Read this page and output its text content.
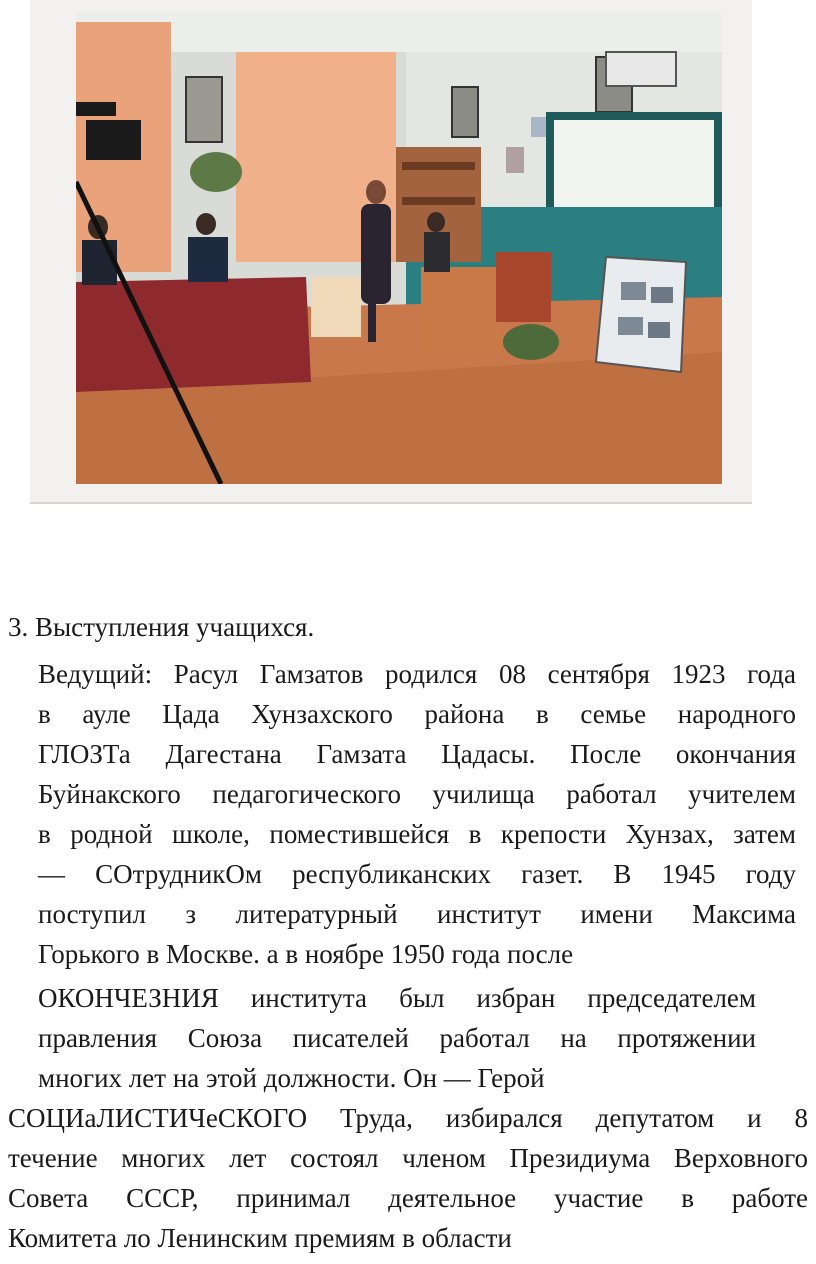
3. Выступления учащихся.
Ведущий: Расул Гамзатов родился 08 сентября 1923 года
в ауле Цада Хунзахского района в семье народного
ГЛОЗТа Дагестана Гамзата Цадасы. После окончания
Буйнакского педагогического училища работал учителем
в родной школе, поместившейся в крепости Хунзах, затем
— СОтрудникОм республиканских газет. В 1945 году
поступил з литературный институт имени Максима
Горького в Москве. а в ноябре 1950 года после
ОКОНЧЕЗНИЯ института был избран председателем
правления Союза писателей работал на протяжении
многих лет на этой должности. Он — Герой
СОЦИаЛИСТИЧеСКОГО Труда, избирался депутатом и 8
течение многих лет состоял членом Президиума Верховного
Совета СССР, принимал деятельное участие в работе
Комитета ло Ленинским премиям в области
